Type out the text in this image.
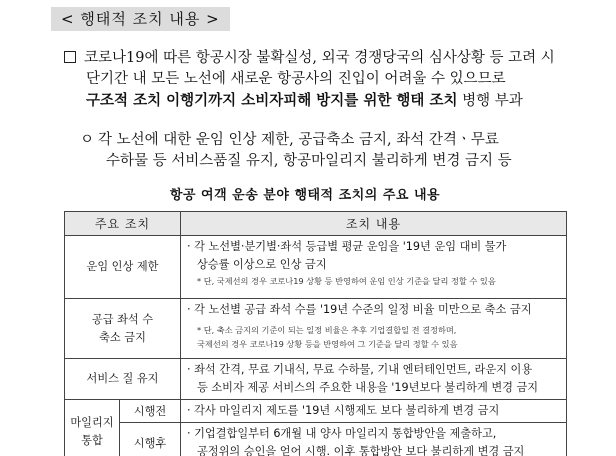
< 행태적 조치 내용 >
코로나19에 따른 항공시장 불확실성, 외국 경쟁당국의 심사상황 등 고려 시
단기간 내 모든 노선에 새로운 항공사의 진입이 어려울 수 있으므로
구조적 조치 이행기까지 소비자피해 방지를 위한 행태 조치 병행 부과
ㅇ 각 노선에 대한 운임 인상 제한, 공급축소 금지, 좌석 간격ㆍ무료
수하물 등 서비스품질 유지, 항공마일리지 불리하게 변경 금지 등
항공 여객 운송 분야 행태적 조치의 주요 내용
주요 조치		조치 내용
운임 인상 제한		· 각 노선별·분기별·좌석 등급별 평균 운임을 '19년 운임 대비 물가
상승률 이상으로 인상 금지
* 단, 국제선의 경우 코로나19 상황 등 반영하여 운임 인상 기준을 달리 정할 수 있음

공급 좌석 수
축소 금지		· 각 노선별 공급 좌석 수를 '19년 수준의 일정 비율 미만으로 축소 금지
* 단, 축소 금지의 기준이 되는 일정 비율은 추후 기업결합일 전 결정하며,
국제선의 경우 코로나19 상황 등을 반영하여 그 기준을 달리 정할 수 있음

서비스 질 유지		· 좌석 간격, 무료 기내식, 무료 수하물, 기내 엔터테인먼트, 라운지 이용
등 소비자 제공 서비스의 주요한 내용을 '19년보다 불리하게 변경 금지

마일리지
통합	시행전	· 각사 마일리지 제도를 '19년 시행제도 보다 불리하게 변경 금지

	시행후	· 기업결합일부터 6개월 내 양사 마일리지 통합방안을 제출하고,
공정위의 승인을 얻어 시행. 이후 통합방안 보다 불리하게 변경 금지
